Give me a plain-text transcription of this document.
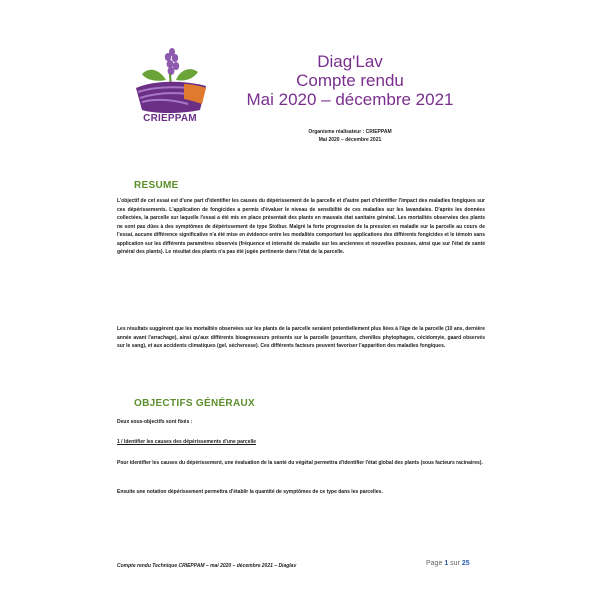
CRIEPPAM

Diag'Lav

Compte rendu

Mai 2020 – décembre 2021

Organisme réalisateur : CRIEPPAM
Mai 2020 – décembre 2021
RESUME
L'objectif de cet essai est d'une part d'identifier les causes du dépérissement de la parcelle et d'autre part d'identifier l'impact des maladies fongiques sur ces dépérissements. L'application de fongicides a permis d'évaluer le niveau de sensibilité de ces maladies sur les lavandaies. D'après les données collectées, la parcelle sur laquelle l'essai a été mis en place présentait des plants en mauvais état sanitaire général. Les mortalités observées des plants ne sont pas dûes à des symptômes de dépérissement de type Stolbur. Malgré la forte progression de la pression en maladie sur la parcelle au cours de l'essai, aucune différence significative n'a été mise en évidence entre les modalités comportant les applications des différents fongicides et le témoin sans application sur les différents paramètres observés (fréquence et intensité de maladie sur les anciennes et nouvelles pousses, ainsi que sur l'état de santé général des plants). Le résultat des plants n'a pas été jugée pertinente dans l'état de la parcelle.
Les résultats suggèrent que les mortalités observées sur les plants de la parcelle seraient potentiellement plus liées à l'âge de la parcelle (10 ans, dernière année avant l'arrachage), ainsi qu'aux différents bioagresseurs présents sur la parcelle (pourriture, chenilles phytophages, cécidomyie, gaard observés sur le sang), et aux accidents climatiques (gel, sécheresse). Ces différents facteurs peuvent favoriser l'apparition des maladies fongiques.
OBJECTIFS GÉNÉRAUX
Deux sous-objectifs sont fixés :
1 / Identifier les causes des dépérissements d'une parcelle
Pour identifier les causes du dépérissement, une évaluation de la santé du végétal permettra d'identifier l'état global des plants (sous facteurs racinaires).
Ensuite une notation dépérissement permettra d'établir la quantité de symptômes de ce type dans les parcelles.
Compte rendu Technique CRIEPPAM – mai 2020 – décembre 2021 – Diaglav	Page 1 sur 25
